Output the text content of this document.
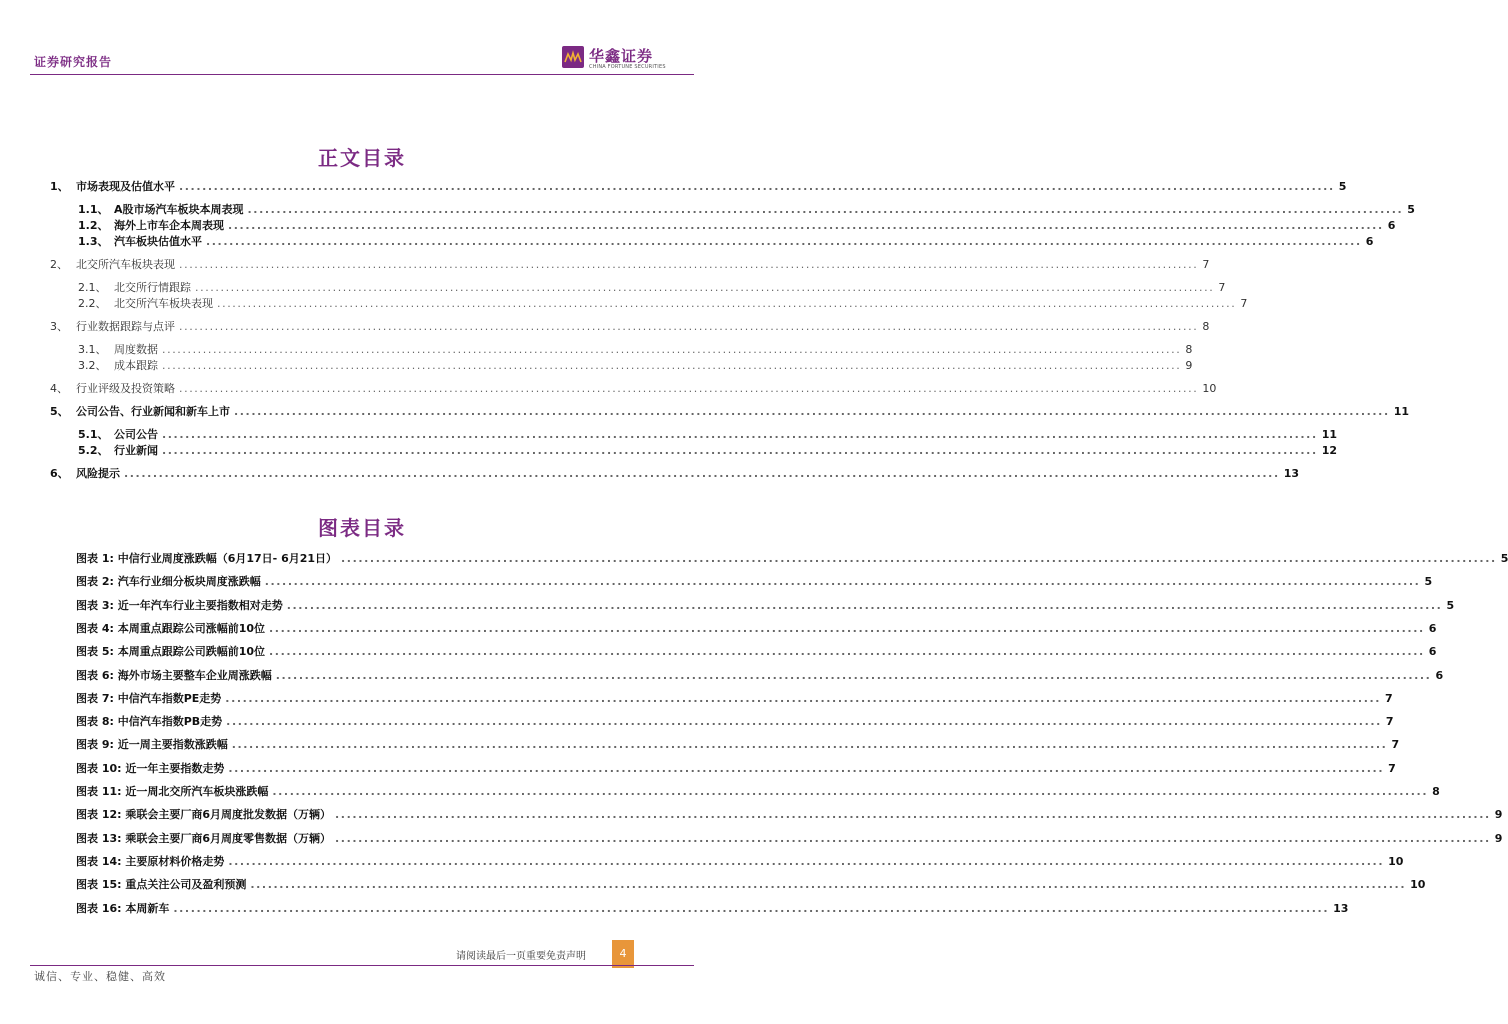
证券研究报告	华鑫证券
CHINA FORTUNE SECURITIES
正文目录
1、 市场表现及估值水平 ........................................................................................................................................................................................................ 5
1.1、 A股市场汽车板块本周表现 ........................................................................................................................................................................................................ 5
1.2、 海外上市车企本周表现 ........................................................................................................................................................................................................ 6
1.3、 汽车板块估值水平 ........................................................................................................................................................................................................ 6
2、 北交所汽车板块表现 ........................................................................................................................................................................................................ 7
2.1、 北交所行情跟踪 ........................................................................................................................................................................................................ 7
2.2、 北交所汽车板块表现 ........................................................................................................................................................................................................ 7
3、 行业数据跟踪与点评 ........................................................................................................................................................................................................ 8
3.1、 周度数据 ........................................................................................................................................................................................................ 8
3.2、 成本跟踪 ........................................................................................................................................................................................................ 9
4、 行业评级及投资策略 ........................................................................................................................................................................................................ 10
5、 公司公告、行业新闻和新车上市 ........................................................................................................................................................................................................ 11
5.1、 公司公告 ........................................................................................................................................................................................................ 11
5.2、 行业新闻 ........................................................................................................................................................................................................ 12
6、 风险提示 ........................................................................................................................................................................................................ 13
图表目录
图表 1: 中信行业周度涨跌幅（6月17日- 6月21日） ........................................................................................................................................................................................................ 5
图表 2: 汽车行业细分板块周度涨跌幅 ........................................................................................................................................................................................................ 5
图表 3: 近一年汽车行业主要指数相对走势 ........................................................................................................................................................................................................ 5
图表 4: 本周重点跟踪公司涨幅前10位 ........................................................................................................................................................................................................ 6
图表 5: 本周重点跟踪公司跌幅前10位 ........................................................................................................................................................................................................ 6
图表 6: 海外市场主要整车企业周涨跌幅 ........................................................................................................................................................................................................ 6
图表 7: 中信汽车指数PE走势 ........................................................................................................................................................................................................ 7
图表 8: 中信汽车指数PB走势 ........................................................................................................................................................................................................ 7
图表 9: 近一周主要指数涨跌幅 ........................................................................................................................................................................................................ 7
图表 10: 近一年主要指数走势 ........................................................................................................................................................................................................ 7
图表 11: 近一周北交所汽车板块涨跌幅 ........................................................................................................................................................................................................ 8
图表 12: 乘联会主要厂商6月周度批发数据（万辆） ........................................................................................................................................................................................................ 9
图表 13: 乘联会主要厂商6月周度零售数据（万辆） ........................................................................................................................................................................................................ 9
图表 14: 主要原材料价格走势 ........................................................................................................................................................................................................ 10
图表 15: 重点关注公司及盈利预测 ........................................................................................................................................................................................................ 10
图表 16: 本周新车 ........................................................................................................................................................................................................ 13
请阅读最后一页重要免责声明	4
诚信、专业、稳健、高效
